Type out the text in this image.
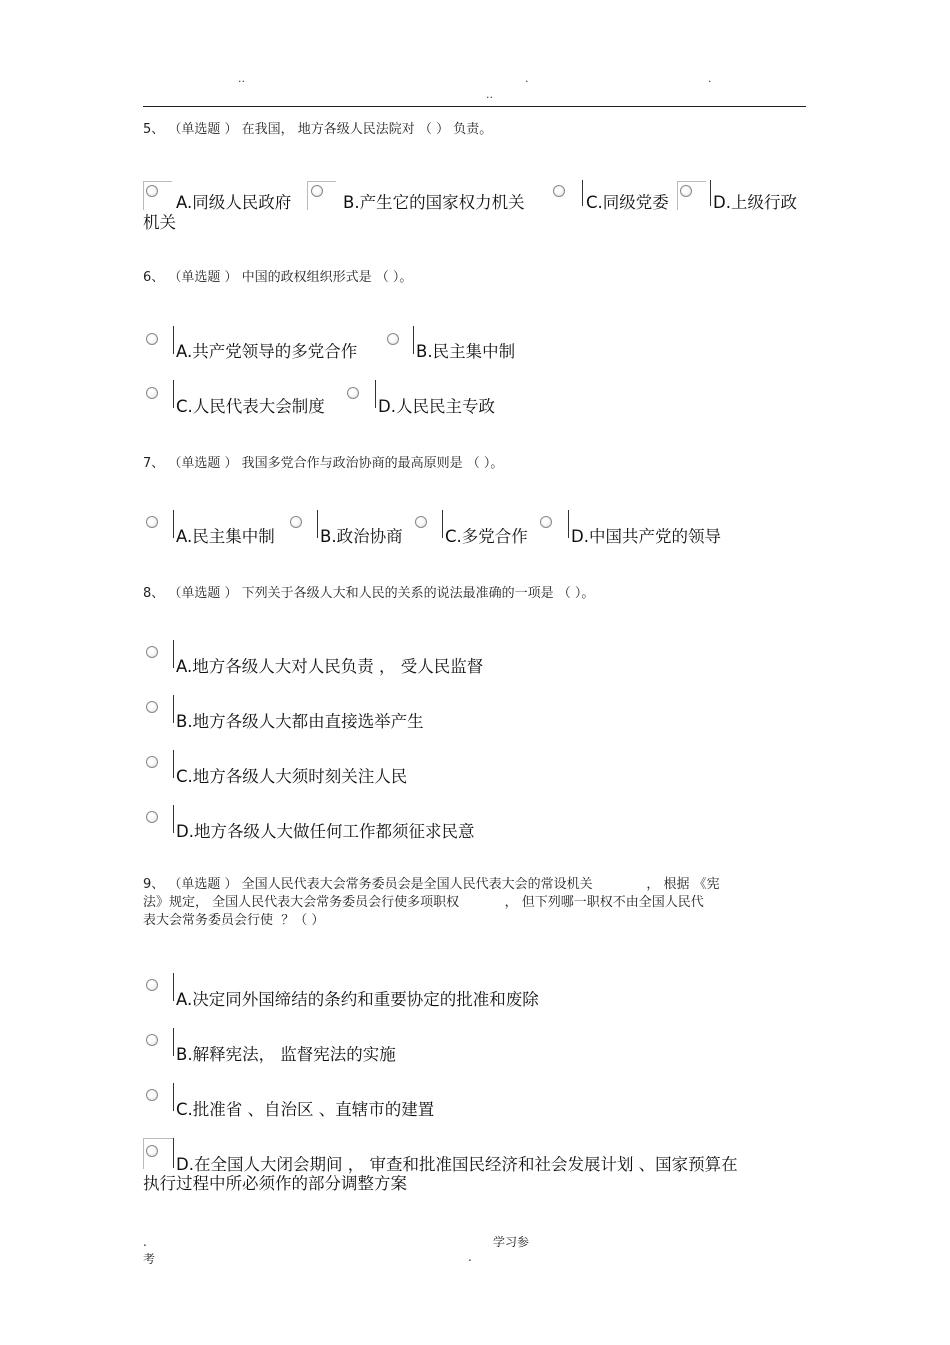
..	.	.
..
5、 （单选题 ） 在我国， 地方各级人民法院对 （ ） 负责。
A.同级人民政府	B.产生它的国家权力机关	C.同级党委	D.上级行政
机关
6、 （单选题 ） 中国的政权组织形式是 （ ）。
A.共产党领导的多党合作	B.民主集中制
C.人民代表大会制度	D.人民民主专政
7、 （单选题 ） 我国多党合作与政治协商的最高原则是 （ ）。
A.民主集中制	B.政治协商	C.多党合作	D.中国共产党的领导
8、 （单选题 ） 下列关于各级人大和人民的关系的说法最准确的一项是 （ ）。
A.地方各级人大对人民负责 ， 受人民监督
B.地方各级人大都由直接选举产生
C.地方各级人大须时刻关注人民
D.地方各级人大做任何工作都须征求民意
9、 （单选题 ） 全国人民代表大会常务委员会是全国人民代表大会的常设机关             ， 根据 《宪
法》规定， 全国人民代表大会常务委员会行使多项职权           ， 但下列哪一职权不由全国人民代
表大会常务委员会行使  ？（ ）
A.决定同外国缔结的条约和重要协定的批准和废除
B.解释宪法， 监督宪法的实施
C.批准省 、自治区 、直辖市的建置
D.在全国人大闭会期间 ， 审查和批准国民经济和社会发展计划 、国家预算在
执行过程中所必须作的部分调整方案
.	学习参
考	.
